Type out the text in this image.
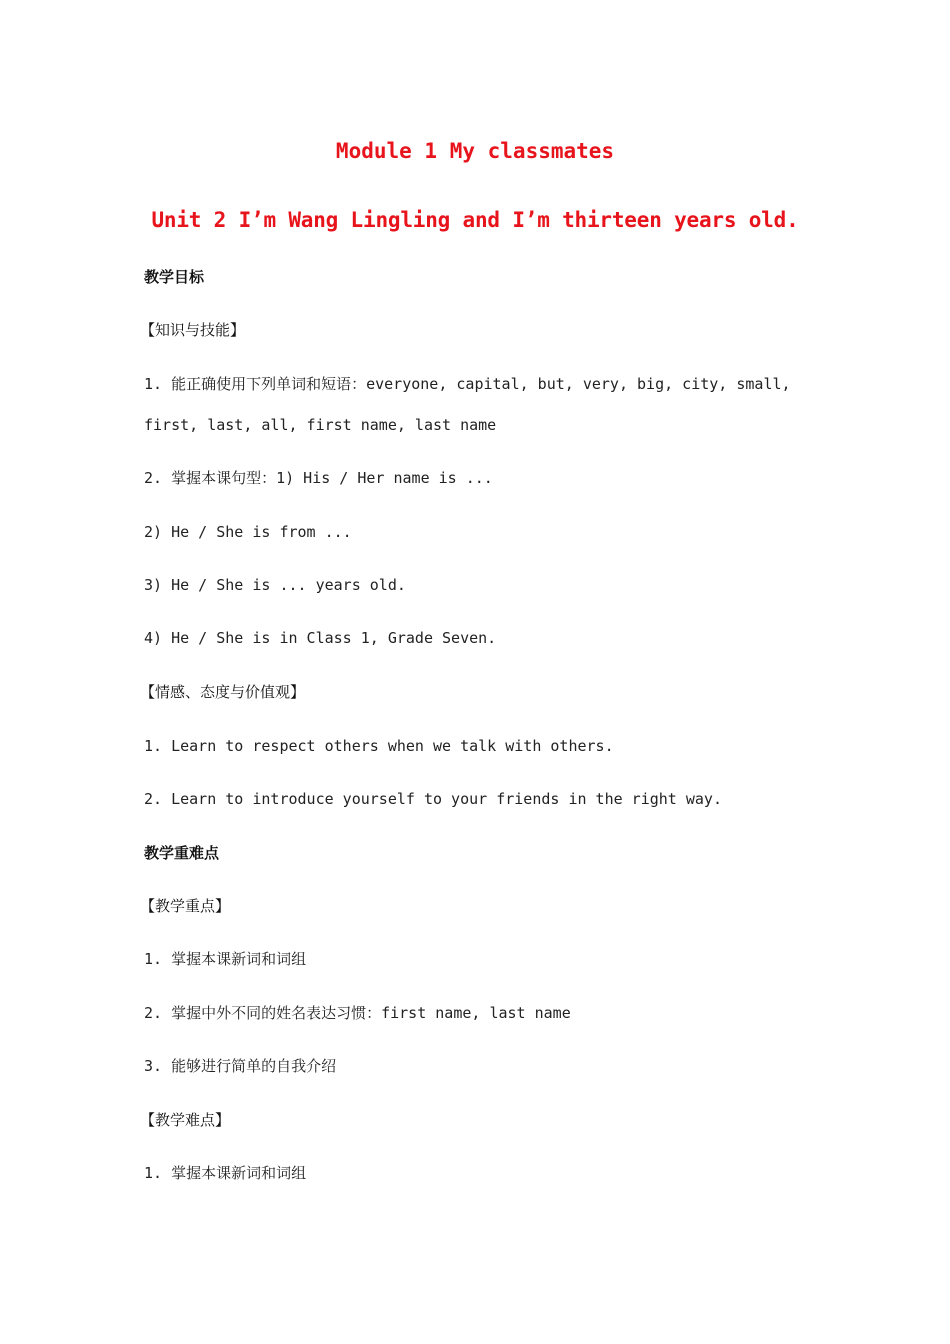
Module 1 My classmates
Unit 2 I’m Wang Lingling and I’m thirteen years old.
教学目标
【知识与技能】
1. 能正确使用下列单词和短语：everyone, capital, but, very, big, city, small,
first, last, all, first name, last name
2. 掌握本课句型：1) His / Her name is ...
2) He / She is from ...
3) He / She is ... years old.
4) He / She is in Class 1, Grade Seven.
【情感、态度与价值观】
1. Learn to respect others when we talk with others.
2. Learn to introduce yourself to your friends in the right way.
教学重难点
【教学重点】
1. 掌握本课新词和词组
2. 掌握中外不同的姓名表达习惯：first name, last name
3. 能够进行简单的自我介绍
【教学难点】
1. 掌握本课新词和词组
